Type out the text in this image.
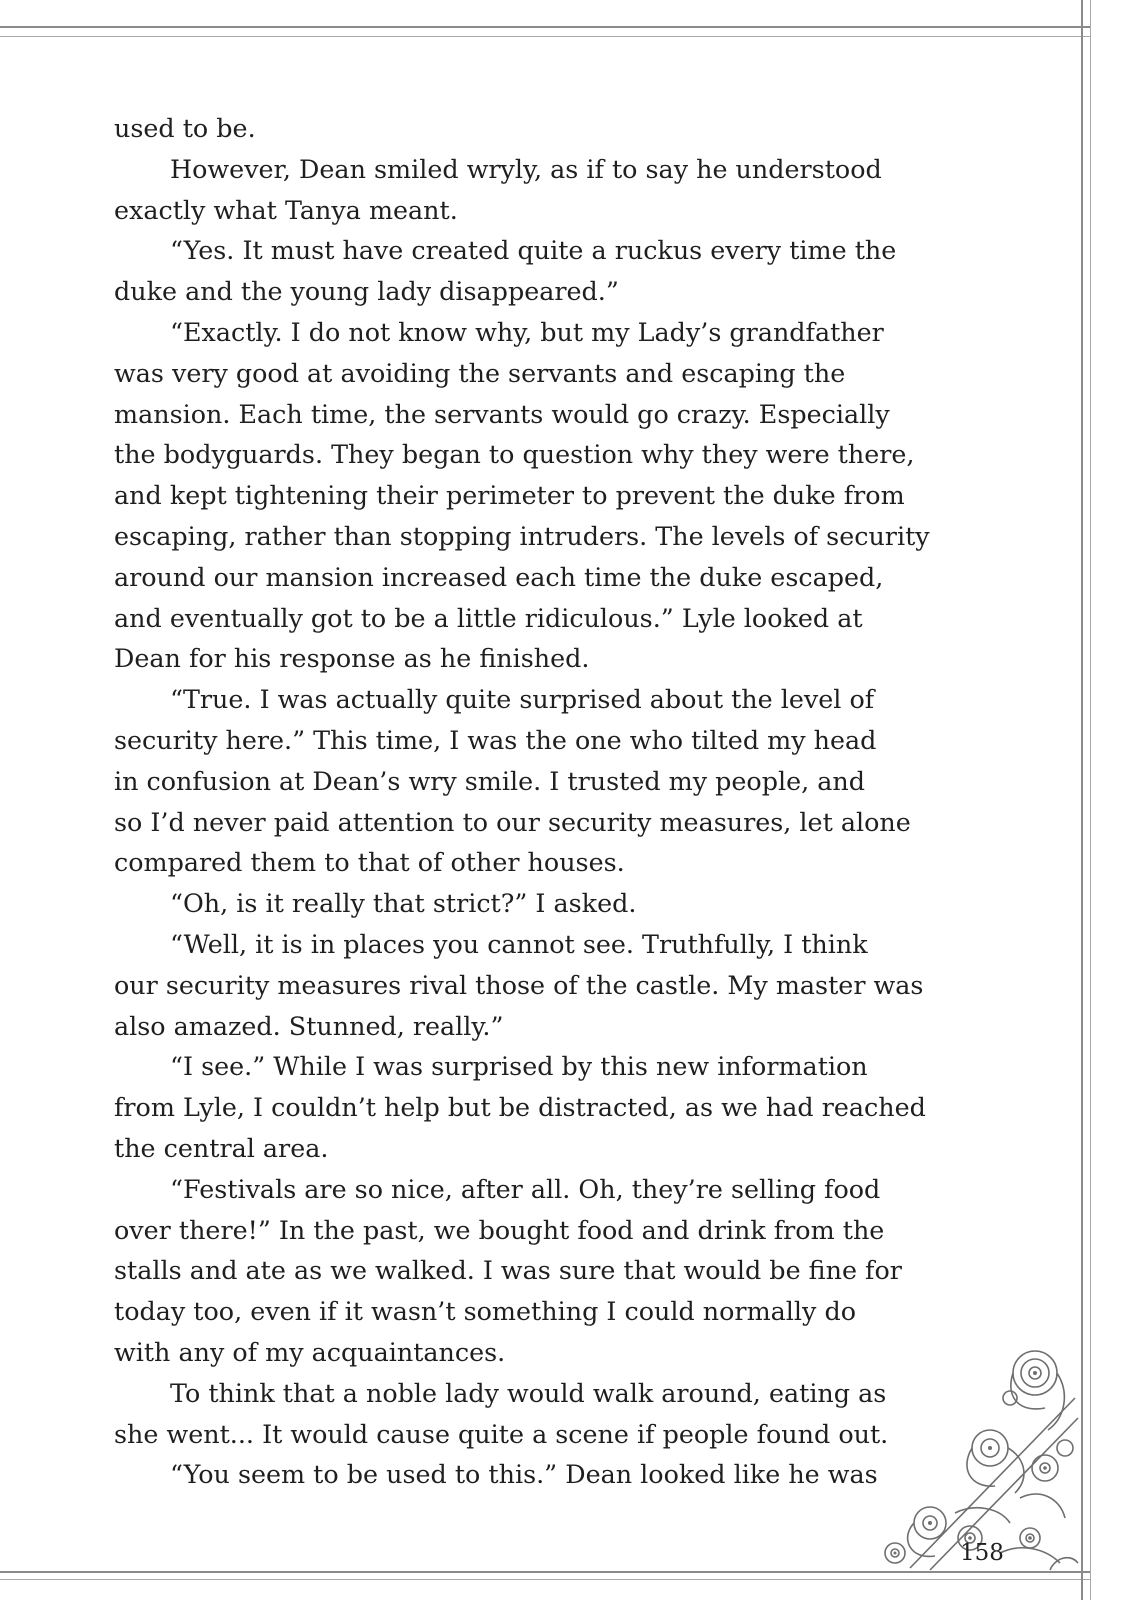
used to be.
However, Dean smiled wryly, as if to say he understood
exactly what Tanya meant.
“Yes. It must have created quite a ruckus every time the
duke and the young lady disappeared.”
“Exactly. I do not know why, but my Lady’s grandfather
was very good at avoiding the servants and escaping the
mansion. Each time, the servants would go crazy. Especially
the bodyguards. They began to question why they were there,
and kept tightening their perimeter to prevent the duke from
escaping, rather than stopping intruders. The levels of security
around our mansion increased each time the duke escaped,
and eventually got to be a little ridiculous.” Lyle looked at
Dean for his response as he finished.
“True. I was actually quite surprised about the level of
security here.” This time, I was the one who tilted my head
in confusion at Dean’s wry smile. I trusted my people, and
so I’d never paid attention to our security measures, let alone
compared them to that of other houses.
“Oh, is it really that strict?” I asked.
“Well, it is in places you cannot see. Truthfully, I think
our security measures rival those of the castle. My master was
also amazed. Stunned, really.”
“I see.” While I was surprised by this new information
from Lyle, I couldn’t help but be distracted, as we had reached
the central area.
“Festivals are so nice, after all. Oh, they’re selling food
over there!” In the past, we bought food and drink from the
stalls and ate as we walked. I was sure that would be fine for
today too, even if it wasn’t something I could normally do
with any of my acquaintances.
To think that a noble lady would walk around, eating as
she went... It would cause quite a scene if people found out.
“You seem to be used to this.” Dean looked like he was
158
